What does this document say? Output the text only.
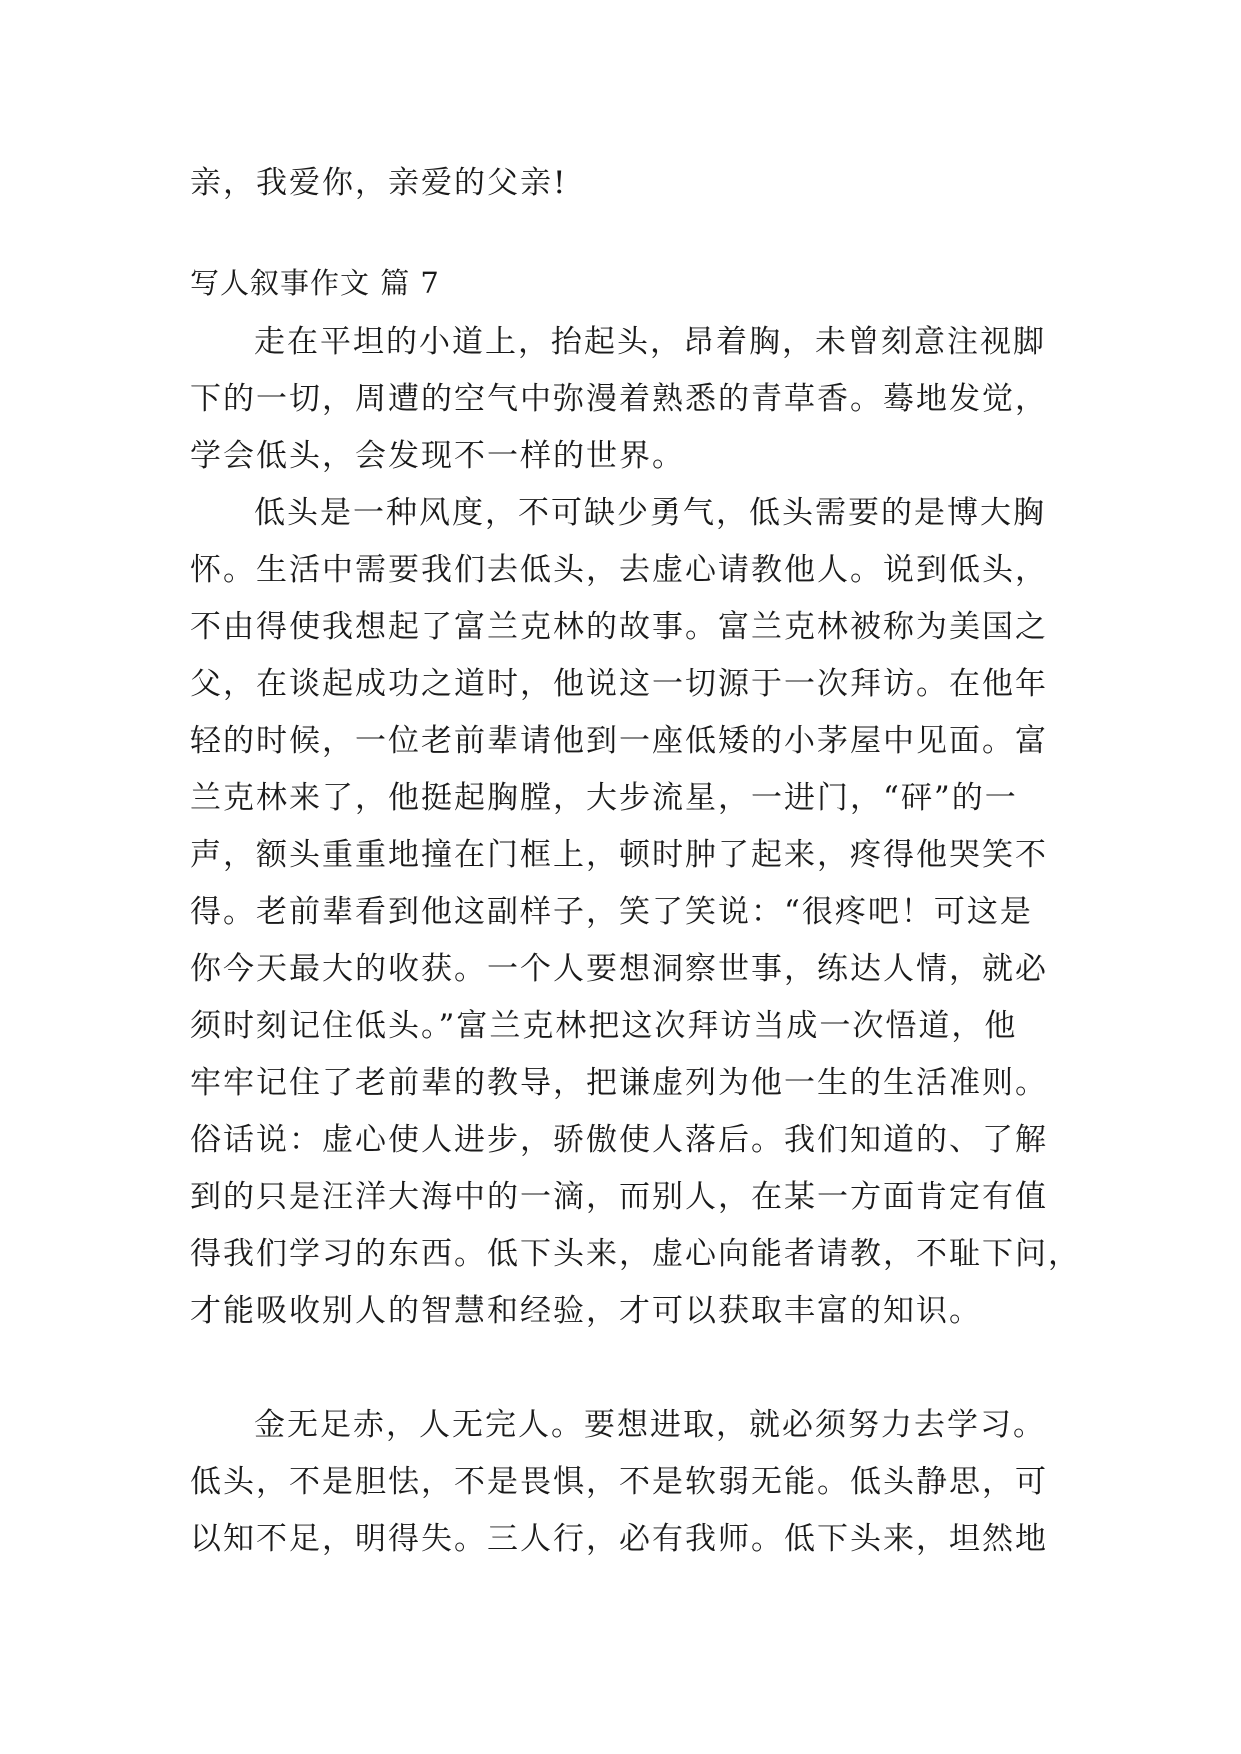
亲，我爱你，亲爱的父亲!

写人叙事作文 篇 7

走在平坦的小道上，抬起头，昂着胸，未曾刻意注视脚

下的一切，周遭的空气中弥漫着熟悉的青草香。蓦地发觉，

学会低头，会发现不一样的世界。

低头是一种风度，不可缺少勇气，低头需要的是博大胸

怀。生活中需要我们去低头，去虚心请教他人。说到低头，

不由得使我想起了富兰克林的故事。富兰克林被称为美国之

父，在谈起成功之道时，他说这一切源于一次拜访。在他年

轻的时候，一位老前辈请他到一座低矮的小茅屋中见面。富

兰克林来了，他挺起胸膛，大步流星，一进门，“砰”的一

声，额头重重地撞在门框上，顿时肿了起来，疼得他哭笑不

得。老前辈看到他这副样子，笑了笑说：“很疼吧！可这是

你今天最大的收获。一个人要想洞察世事，练达人情，就必

须时刻记住低头。”富兰克林把这次拜访当成一次悟道，他

牢牢记住了老前辈的教导，把谦虚列为他一生的生活准则。

俗话说：虚心使人进步，骄傲使人落后。我们知道的、了解

到的只是汪洋大海中的一滴，而别人，在某一方面肯定有值

得我们学习的东西。低下头来，虚心向能者请教，不耻下问，

才能吸收别人的智慧和经验，才可以获取丰富的知识。

金无足赤，人无完人。要想进取，就必须努力去学习。

低头，不是胆怯，不是畏惧，不是软弱无能。低头静思，可

以知不足，明得失。三人行，必有我师。低下头来，坦然地
